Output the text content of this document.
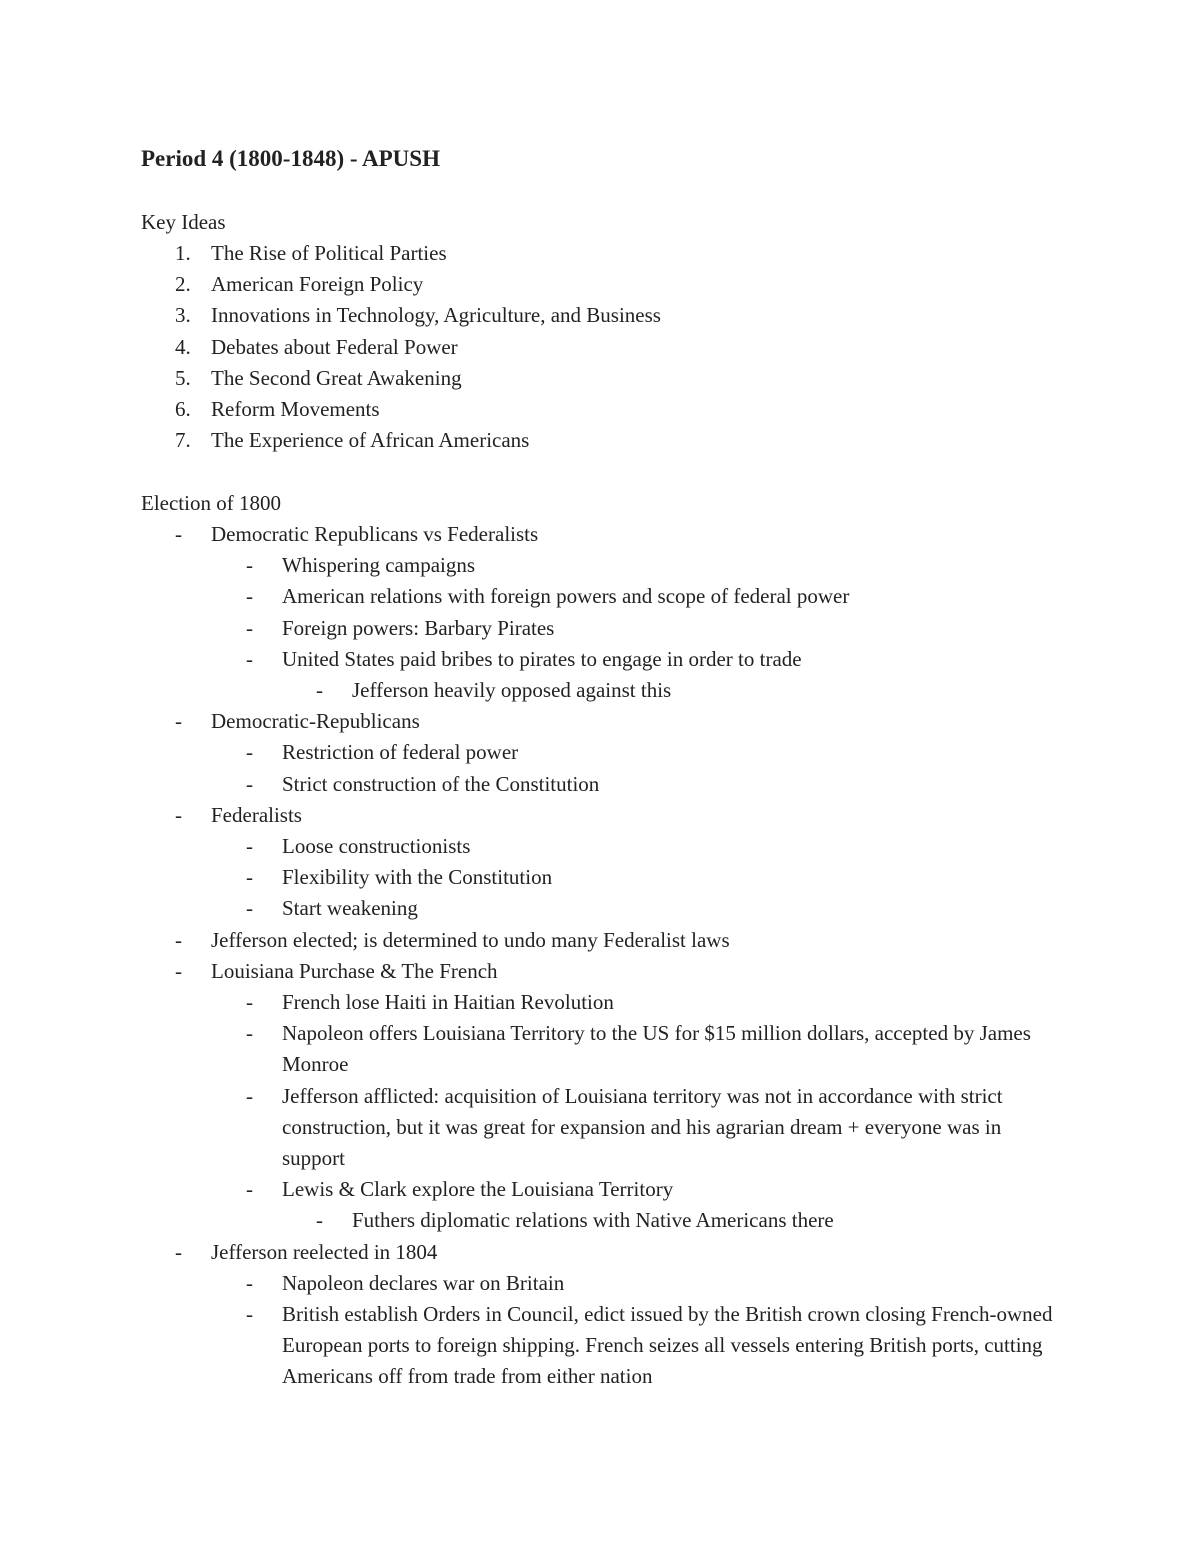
Period 4 (1800-1848) - APUSH
Key Ideas
1. The Rise of Political Parties
2. American Foreign Policy
3. Innovations in Technology, Agriculture, and Business
4. Debates about Federal Power
5. The Second Great Awakening
6. Reform Movements
7. The Experience of African Americans
Election of 1800
- Democratic Republicans vs Federalists
- Whispering campaigns
- American relations with foreign powers and scope of federal power
- Foreign powers: Barbary Pirates
- United States paid bribes to pirates to engage in order to trade
- Jefferson heavily opposed against this
- Democratic-Republicans
- Restriction of federal power
- Strict construction of the Constitution
- Federalists
- Loose constructionists
- Flexibility with the Constitution
- Start weakening
- Jefferson elected; is determined to undo many Federalist laws
- Louisiana Purchase & The French
- French lose Haiti in Haitian Revolution
- Napoleon offers Louisiana Territory to the US for $15 million dollars, accepted by James Monroe
- Jefferson afflicted: acquisition of Louisiana territory was not in accordance with strict construction, but it was great for expansion and his agrarian dream + everyone was in support
- Lewis & Clark explore the Louisiana Territory
- Futhers diplomatic relations with Native Americans there
- Jefferson reelected in 1804
- Napoleon declares war on Britain
- British establish Orders in Council, edict issued by the British crown closing French-owned European ports to foreign shipping. French seizes all vessels entering British ports, cutting Americans off from trade from either nation
